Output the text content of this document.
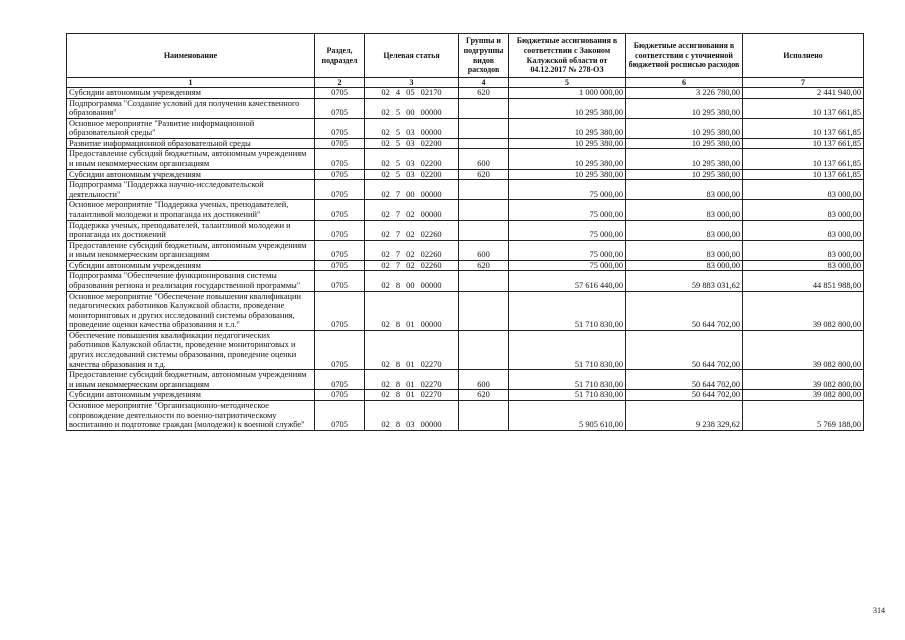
Наименование	Раздел, подраздел	Целевая статья	Группы и подгруппы видов расходов	Бюджетные ассигнования в соответствии с Законом Калужской области от 04.12.2017 № 278-ОЗ	Бюджетные ассигнования в соответствии с уточненной бюджетной росписью расходов	Исполнено
1	2	3	4	5	6	7
Субсидии автономным учреждениям	0705	02 4 05 02170	620	1 000 000,00	3 226 780,00	2 441 940,00
Подпрограмма "Создание условий для получения качественного образования"	0705	02 5 00 00000		10 295 380,00	10 295 380,00	10 137 661,85
Основное мероприятие "Развитие информационной образовательной среды"	0705	02 5 03 00000		10 295 380,00	10 295 380,00	10 137 661,85
Развитие информационной образовательной среды	0705	02 5 03 02200		10 295 380,00	10 295 380,00	10 137 661,85
Предоставление субсидий бюджетным, автономным учреждениям и иным некоммерческим организациям	0705	02 5 03 02200	600	10 295 380,00	10 295 380,00	10 137 661,85
Субсидии автономным учреждениям	0705	02 5 03 02200	620	10 295 380,00	10 295 380,00	10 137 661,85
Подпрограмма "Поддержка научно-исследовательской деятельности"	0705	02 7 00 00000		75 000,00	83 000,00	83 000,00
Основное мероприятие "Поддержка ученых, преподавателей, талантливой молодежи и пропаганда их достижений"	0705	02 7 02 00000		75 000,00	83 000,00	83 000,00
Поддержка ученых, преподавателей, талантливой молодежи и пропаганда их достижений	0705	02 7 02 02260		75 000,00	83 000,00	83 000,00
Предоставление субсидий бюджетным, автономным учреждениям и иным некоммерческим организациям	0705	02 7 02 02260	600	75 000,00	83 000,00	83 000,00
Субсидии автономным учреждениям	0705	02 7 02 02260	620	75 000,00	83 000,00	83 000,00
Подпрограмма "Обеспечение функционирования системы образования региона и реализация государственной программы"	0705	02 8 00 00000		57 616 440,00	59 883 031,62	44 851 988,00
Основное мероприятие "Обеспечение повышения квалификации педагогических работников Калужской области, проведение мониторинговых и других исследований системы образования, проведение оценки качества образования и т.л."	0705	02 8 01 00000		51 710 830,00	50 644 702,00	39 082 800,00
Обеспечение повышения квалификации педагогических работников Калужской области, проведение мониторинговых и других исследований системы образования, проведение оценки качества образования и т.д.	0705	02 8 01 02270		51 710 830,00	50 644 702,00	39 082 800,00
Предоставление субсидий бюджетным, автономным учреждениям и иным некоммерческим организациям	0705	02 8 01 02270	600	51 710 830,00	50 644 702,00	39 082 800,00
Субсидии автономным учреждениям	0705	02 8 01 02270	620	51 710 830,00	50 644 702,00	39 082 800,00
Основное мероприятие "Организационно-методическое сопровождение деятельности по военно-патриотическому воспитанию и подготовке граждан (молодежи) к военной службе"	0705	02 8 03 00000		5 905 610,00	9 238 329,62	5 769 188,00
314
